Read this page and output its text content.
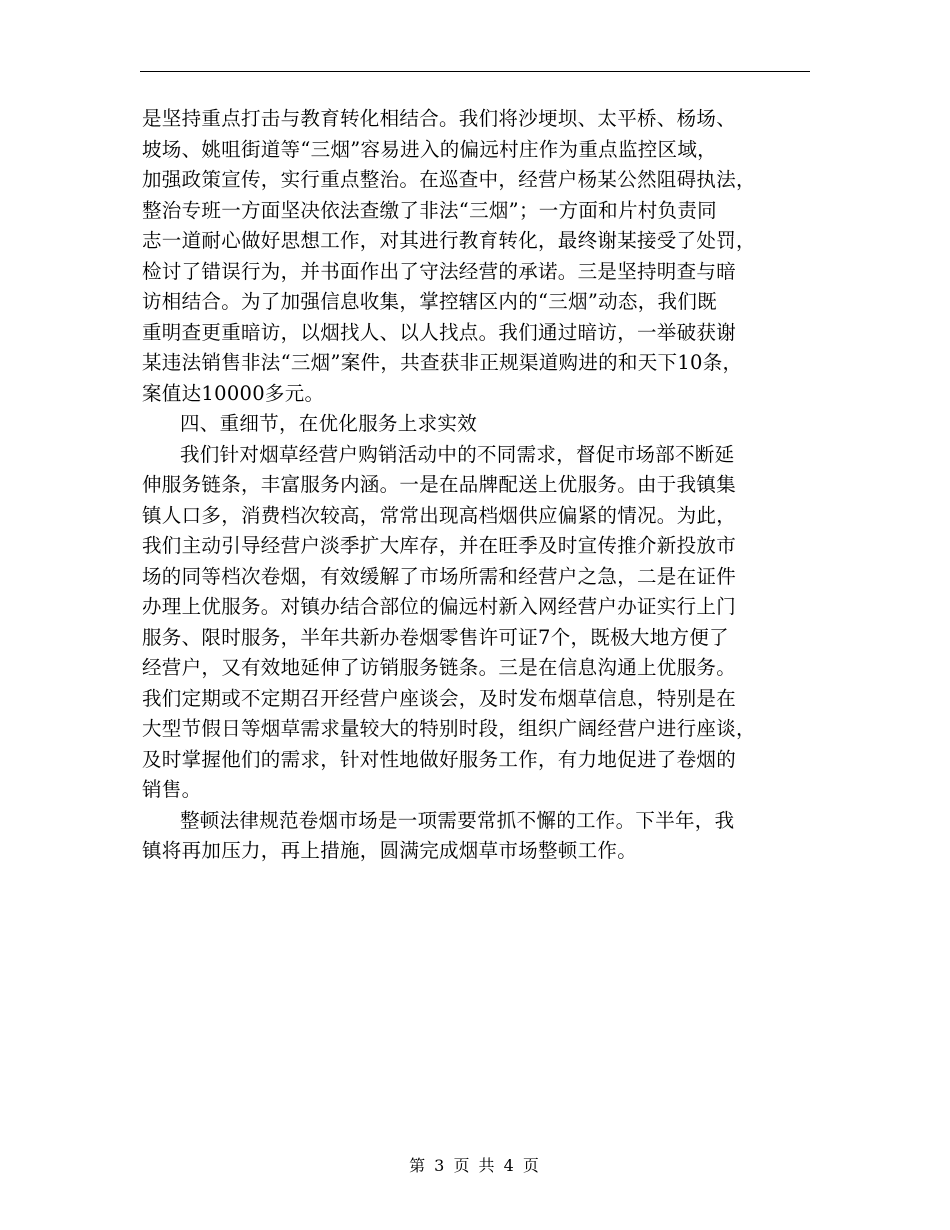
是坚持重点打击与教育转化相结合。我们将沙埂坝、太平桥、杨场、
坡场、姚咀街道等“三烟”容易进入的偏远村庄作为重点监控区域，
加强政策宣传，实行重点整治。在巡查中，经营户杨某公然阻碍执法，
整治专班一方面坚决依法查缴了非法“三烟”；一方面和片村负责同
志一道耐心做好思想工作，对其进行教育转化，最终谢某接受了处罚，
检讨了错误行为，并书面作出了守法经营的承诺。三是坚持明查与暗
访相结合。为了加强信息收集，掌控辖区内的“三烟”动态，我们既
重明查更重暗访，以烟找人、以人找点。我们通过暗访，一举破获谢
某违法销售非法“三烟”案件，共查获非正规渠道购进的和天下10条，
案值达10000多元。
四、重细节，在优化服务上求实效
我们针对烟草经营户购销活动中的不同需求，督促市场部不断延
伸服务链条，丰富服务内涵。一是在品牌配送上优服务。由于我镇集
镇人口多，消费档次较高，常常出现高档烟供应偏紧的情况。为此，
我们主动引导经营户淡季扩大库存，并在旺季及时宣传推介新投放市
场的同等档次卷烟，有效缓解了市场所需和经营户之急，二是在证件
办理上优服务。对镇办结合部位的偏远村新入网经营户办证实行上门
服务、限时服务，半年共新办卷烟零售许可证7个，既极大地方便了
经营户，又有效地延伸了访销服务链条。三是在信息沟通上优服务。
我们定期或不定期召开经营户座谈会，及时发布烟草信息，特别是在
大型节假日等烟草需求量较大的特别时段，组织广阔经营户进行座谈，
及时掌握他们的需求，针对性地做好服务工作，有力地促进了卷烟的
销售。
整顿法律规范卷烟市场是一项需要常抓不懈的工作。下半年，我
镇将再加压力，再上措施，圆满完成烟草市场整顿工作。
第 3 页 共 4 页
